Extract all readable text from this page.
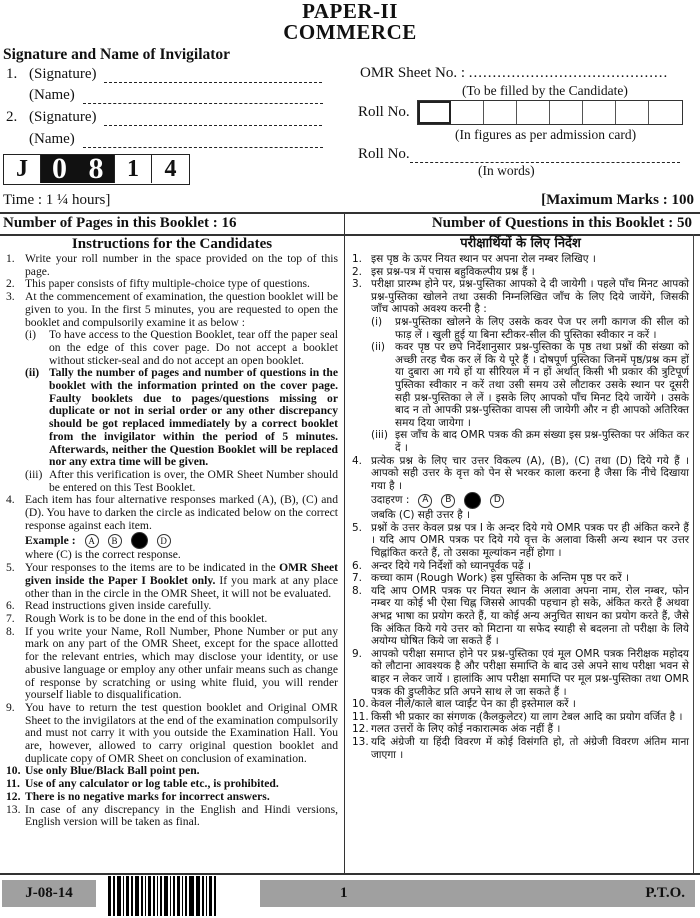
PAPER-II
COMMERCE
Signature and Name of Invigilator
1. (Signature)
(Name)
2. (Signature)
(Name)
J 0 8 1	4
Time : 1 ¼ hours]	[Maximum Marks : 100
OMR Sheet No. : ..........................................
(To be filled by the Candidate)
Roll No.
(In figures as per admission card)
Roll No.
(In words)
Number of Pages in this Booklet : 16	Number of Questions in this Booklet : 50
Instructions for the Candidates
1. Write your roll number in the space provided on the top of this page.
2. This paper consists of fifty multiple-choice type of questions.
3. At the commencement of examination, the question booklet will be given to you. In the first 5 minutes, you are requested to open the booklet and compulsorily examine it as below :
(i)	To have access to the Question Booklet, tear off the paper seal on the edge of this cover page. Do not accept a booklet without sticker-seal and do not accept an open booklet.
(ii) Tally the number of pages and number of questions in the booklet with the information printed on the cover page. Faulty booklets due to pages/questions missing or duplicate or not in serial order or any other discrepancy should be got replaced immediately by a correct booklet from the invigilator within the period of 5 minutes. Afterwards, neither the Question Booklet will be replaced nor any extra time will be given.
(iii) After this verification is over, the OMR Sheet Number should be entered on this Test Booklet.
4. Each item has four alternative responses marked (A), (B), (C) and (D). You have to darken the circle as indicated below on the correct response against each item.
Example :	A	B	D
where (C) is the correct response.
5. Your responses to the items are to be indicated in the OMR Sheet given inside the Paper I Booklet only. If you mark at any place other than in the circle in the OMR Sheet, it will not be evaluated.
6. Read instructions given inside carefully.
7. Rough Work is to be done in the end of this booklet.
8. If you write your Name, Roll Number, Phone Number or put any mark on any part of the OMR Sheet, except for the space allotted for the relevant entries, which may disclose your identity, or use abusive language or employ any other unfair means such as change of response by scratching or using white fluid, you will render yourself liable to disqualification.
9. You have to return the test question booklet and Original OMR Sheet to the invigilators at the end of the examination compulsorily and must not carry it with you outside the Examination Hall. You are, however, allowed to carry original question booklet and duplicate copy of OMR Sheet on conclusion of examination.
10. Use only Blue/Black Ball point pen.
11. Use of any calculator or log table etc., is prohibited.
12. There is no negative marks for incorrect answers.
13. In case of any discrepancy in the English and Hindi versions, English version will be taken as final.
परीक्षार्थियों के लिए निर्देश
1. इस पृष्ठ के ऊपर नियत स्थान पर अपना रोल नम्बर लिखिए ।
2. इस प्रश्न-पत्र में पचास बहुविकल्पीय प्रश्न हैं ।
3. परीक्षा प्रारम्भ होने पर, प्रश्न-पुस्तिका आपको दे दी जायेगी । पहले पाँच मिनट आपको प्रश्न-पुस्तिका खोलने तथा उसकी निम्नलिखित जाँच के लिए दिये जायेंगे, जिसकी जाँच आपको अवश्य करनी है :
(i)	प्रश्न-पुस्तिका खोलने के लिए उसके कवर पेज पर लगी कागज की सील को फाड़ लें । खुली हुई या बिना स्टीकर-सील की पुस्तिका स्वीकार न करें ।
(ii) कवर पृष्ठ पर छपे निर्देशानुसार प्रश्न-पुस्तिका के पृष्ठ तथा प्रश्नों की संख्या को अच्छी तरह चैक कर लें कि ये पूरे हैं । दोषपूर्ण पुस्तिका जिनमें पृष्ठ/प्रश्न कम हों या दुबारा आ गये हों या सीरियल में न हों अर्थात् किसी भी प्रकार की त्रुटिपूर्ण पुस्तिका स्वीकार न करें तथा उसी समय उसे लौटाकर उसके स्थान पर दूसरी सही प्रश्न-पुस्तिका ले लें । इसके लिए आपको पाँच मिनट दिये जायेंगे । उसके बाद न तो आपकी प्रश्न-पुस्तिका वापस ली जायेगी और न ही आपको अतिरिक्त समय दिया जायेगा ।
(iii) इस जाँच के बाद OMR पत्रक की क्रम संख्या इस प्रश्न-पुस्तिका पर अंकित कर दें ।
4. प्रत्येक प्रश्न के लिए चार उत्तर विकल्प (A), (B), (C) तथा (D) दिये गये हैं । आपको सही उत्तर के वृत्त को पेन से भरकर काला करना है जैसा कि नीचे दिखाया गया है ।
उदाहरण :	A	B	D
जबकि (C) सही उत्तर है ।
5. प्रश्नों के उत्तर केवल प्रश्न पत्र I के अन्दर दिये गये OMR पत्रक पर ही अंकित करने हैं । यदि आप OMR पत्रक पर दिये गये वृत्त के अलावा किसी अन्य स्थान पर उत्तर चिह्नांकित करते हैं, तो उसका मूल्यांकन नहीं होगा ।
6. अन्दर दिये गये निर्देशों को ध्यानपूर्वक पढ़ें ।
7. कच्चा काम (Rough Work) इस पुस्तिका के अन्तिम पृष्ठ पर करें ।
8. यदि आप OMR पत्रक पर नियत स्थान के अलावा अपना नाम, रोल नम्बर, फोन नम्बर या कोई भी ऐसा चिह्न जिससे आपकी पहचान हो सके, अंकित करते हैं अथवा अभद्र भाषा का प्रयोग करते हैं, या कोई अन्य अनुचित साधन का प्रयोग करते हैं, जैसे कि अंकित किये गये उत्तर को मिटाना या सफेद स्याही से बदलना तो परीक्षा के लिये अयोग्य घोषित किये जा सकते हैं ।
9. आपको परीक्षा समाप्त होने पर प्रश्न-पुस्तिका एवं मूल OMR पत्रक निरीक्षक महोदय को लौटाना आवश्यक है और परीक्षा समाप्ति के बाद उसे अपने साथ परीक्षा भवन से बाहर न लेकर जायें । हालांकि आप परीक्षा समाप्ति पर मूल प्रश्न-पुस्तिका तथा OMR पत्रक की डुप्लीकेट प्रति अपने साथ ले जा सकते हैं ।
10. केवल नीले/काले बाल प्वाईंट पेन का ही इस्तेमाल करें ।
11. किसी भी प्रकार का संगणक (कैलकुलेटर) या लाग टेबल आदि का प्रयोग वर्जित है ।
12. गलत उत्तरों के लिए कोई नकारात्मक अंक नहीं हैं ।
13. यदि अंग्रेजी या हिंदी विवरण में कोई विसंगति हो, तो अंग्रेजी विवरण अंतिम माना जाएगा ।
J-08-14	1	P.T.O.
